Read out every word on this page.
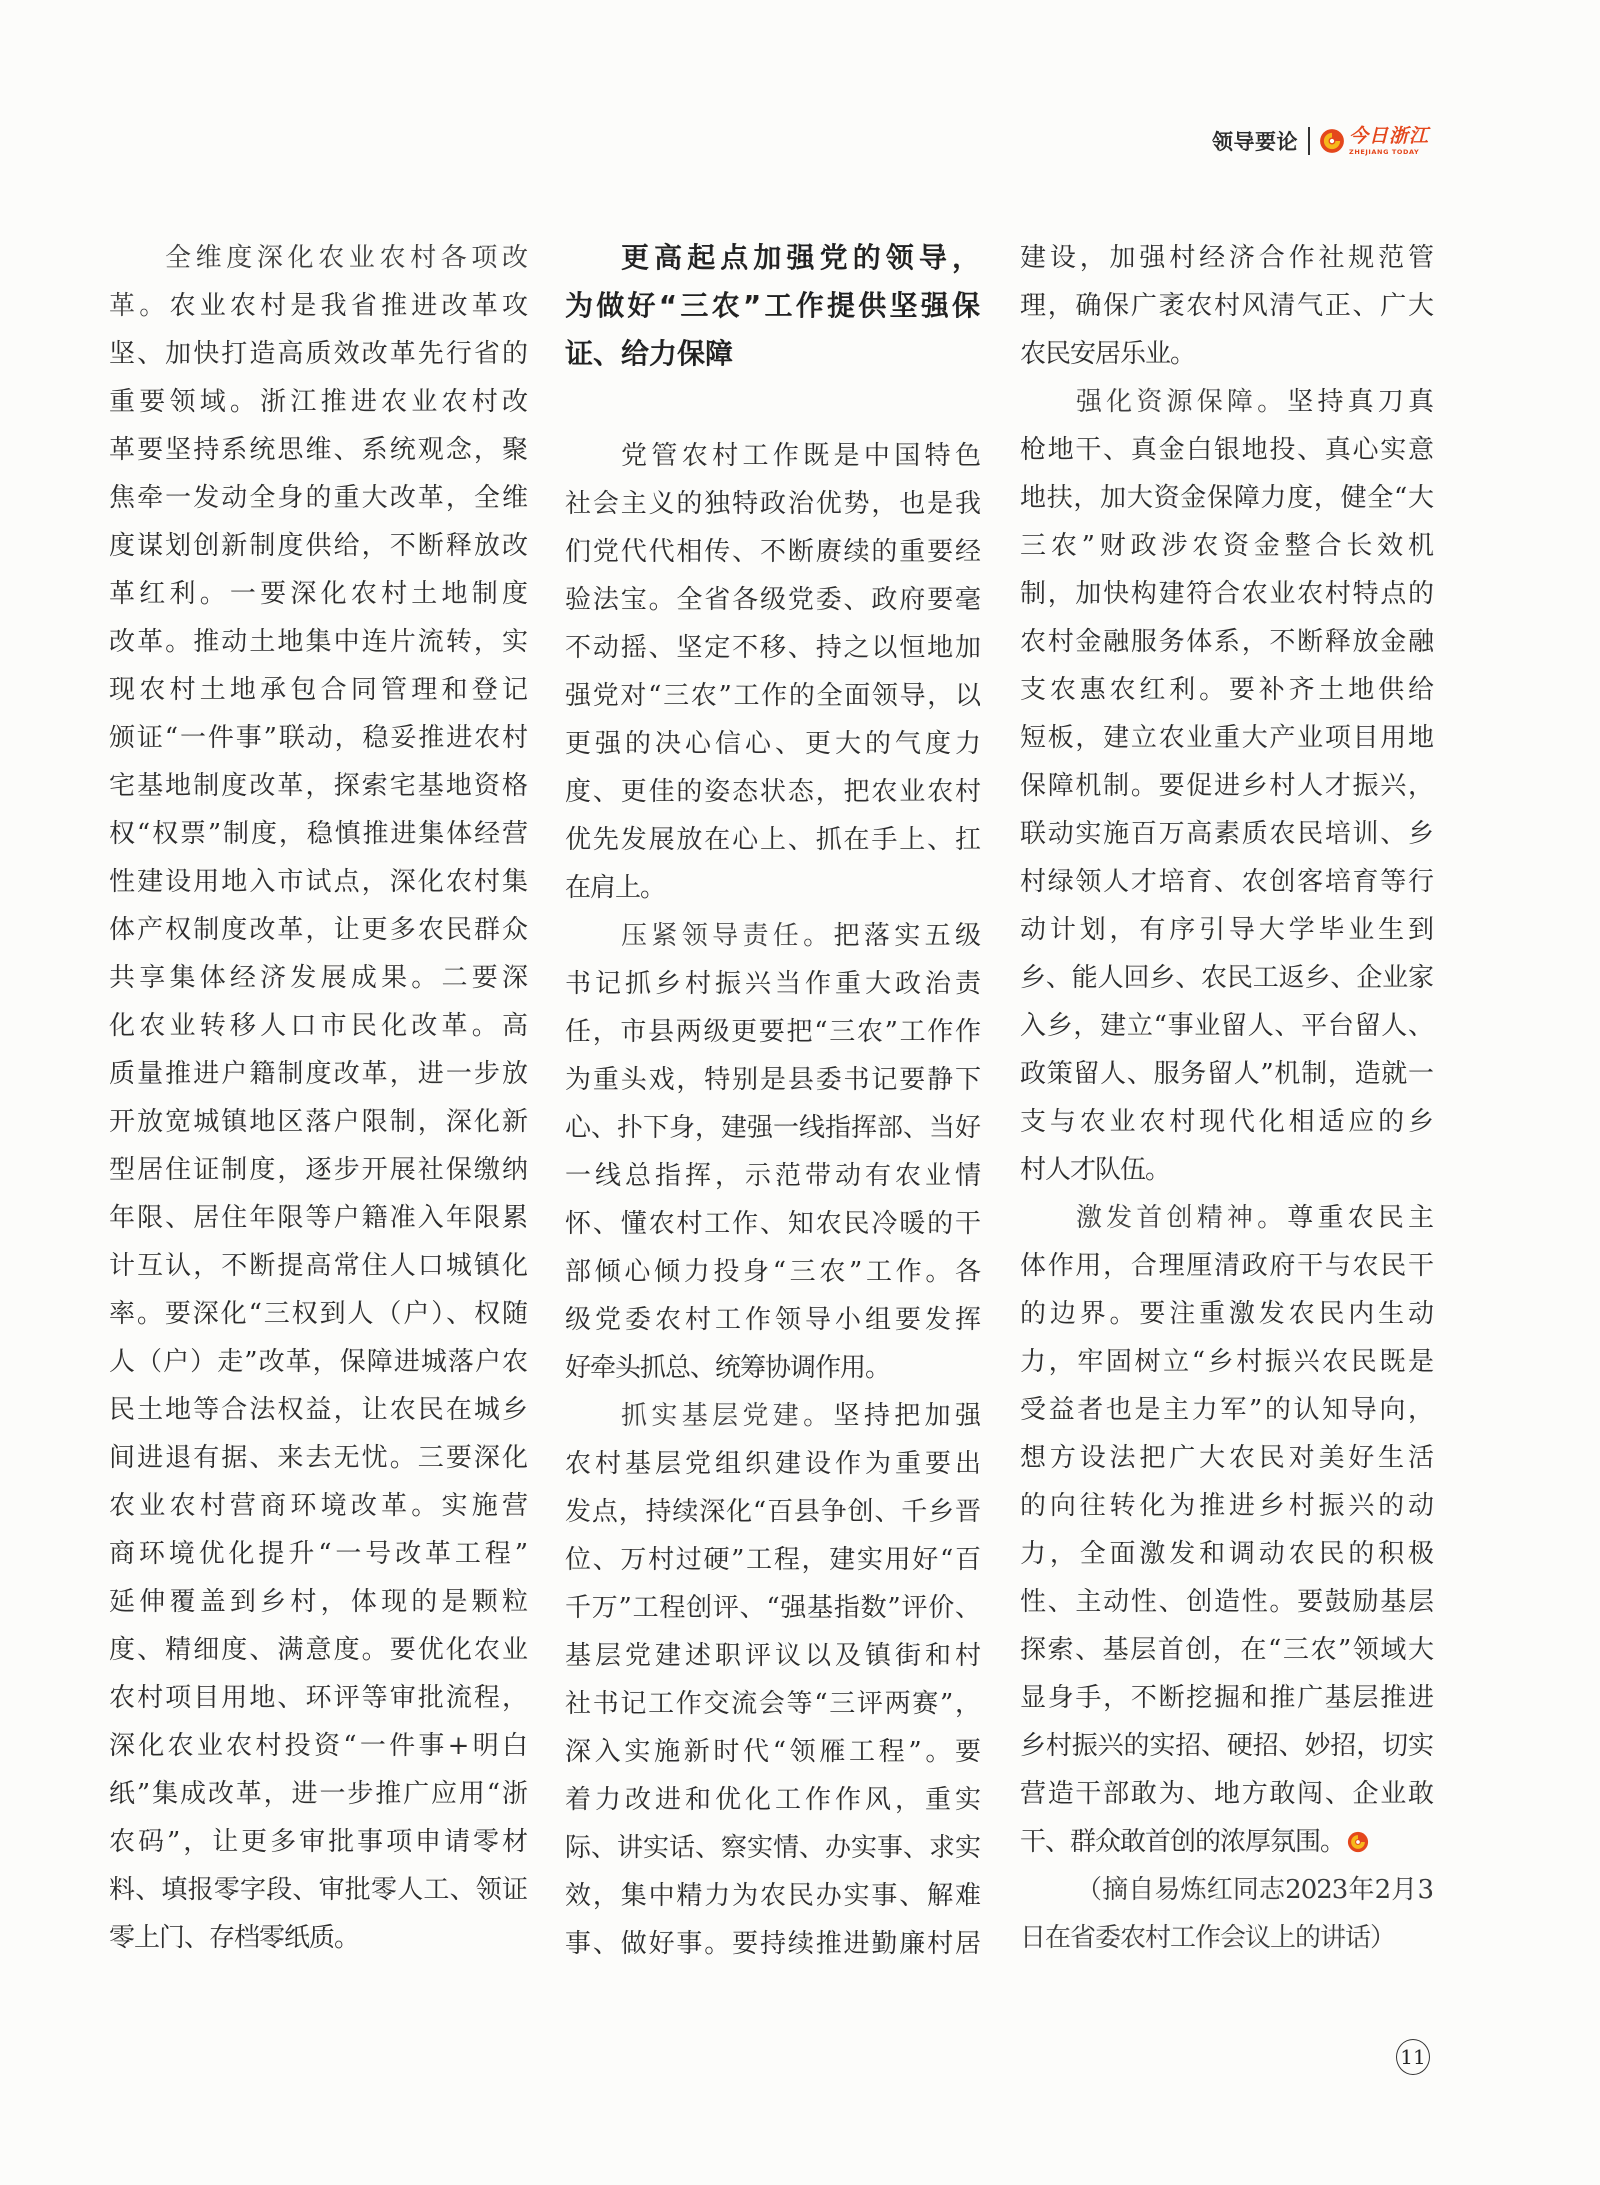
领导要论	今日浙江
ZHEJIANG TODAY
全维度深化农业农村各项改
革。农业农村是我省推进改革攻
坚、加快打造高质效改革先行省的
重要领域。浙江推进农业农村改
革要坚持系统思维、系统观念，聚
焦牵一发动全身的重大改革，全维
度谋划创新制度供给，不断释放改
革红利。一要深化农村土地制度
改革。推动土地集中连片流转，实
现农村土地承包合同管理和登记
颁证“一件事”联动，稳妥推进农村
宅基地制度改革，探索宅基地资格
权“权票”制度，稳慎推进集体经营
性建设用地入市试点，深化农村集
体产权制度改革，让更多农民群众
共享集体经济发展成果。二要深
化农业转移人口市民化改革。高
质量推进户籍制度改革，进一步放
开放宽城镇地区落户限制，深化新
型居住证制度，逐步开展社保缴纳
年限、居住年限等户籍准入年限累
计互认，不断提高常住人口城镇化
率。要深化“三权到人（户）、权随
人（户）走”改革，保障进城落户农
民土地等合法权益，让农民在城乡
间进退有据、来去无忧。三要深化
农业农村营商环境改革。实施营
商环境优化提升“一号改革工程”
延伸覆盖到乡村，体现的是颗粒
度、精细度、满意度。要优化农业
农村项目用地、环评等审批流程，
深化农业农村投资“一件事+明白
纸”集成改革，进一步推广应用“浙
农码”，让更多审批事项申请零材
料、填报零字段、审批零人工、领证
零上门、存档零纸质。
更高起点加强党的领导，
为做好“三农”工作提供坚强保
证、给力保障
党管农村工作既是中国特色
社会主义的独特政治优势，也是我
们党代代相传、不断赓续的重要经
验法宝。全省各级党委、政府要毫
不动摇、坚定不移、持之以恒地加
强党对“三农”工作的全面领导，以
更强的决心信心、更大的气度力
度、更佳的姿态状态，把农业农村
优先发展放在心上、抓在手上、扛
在肩上。
压紧领导责任。把落实五级
书记抓乡村振兴当作重大政治责
任，市县两级更要把“三农”工作作
为重头戏，特别是县委书记要静下
心、扑下身，建强一线指挥部、当好
一线总指挥，示范带动有农业情
怀、懂农村工作、知农民冷暖的干
部倾心倾力投身“三农”工作。各
级党委农村工作领导小组要发挥
好牵头抓总、统筹协调作用。
抓实基层党建。坚持把加强
农村基层党组织建设作为重要出
发点，持续深化“百县争创、千乡晋
位、万村过硬”工程，建实用好“百
千万”工程创评、“强基指数”评价、
基层党建述职评议以及镇街和村
社书记工作交流会等“三评两赛”，
深入实施新时代“领雁工程”。要
着力改进和优化工作作风，重实
际、讲实话、察实情、办实事、求实
效，集中精力为农民办实事、解难
事、做好事。要持续推进勤廉村居
建设，加强村经济合作社规范管
理，确保广袤农村风清气正、广大
农民安居乐业。
强化资源保障。坚持真刀真
枪地干、真金白银地投、真心实意
地扶，加大资金保障力度，健全“大
三农”财政涉农资金整合长效机
制，加快构建符合农业农村特点的
农村金融服务体系，不断释放金融
支农惠农红利。要补齐土地供给
短板，建立农业重大产业项目用地
保障机制。要促进乡村人才振兴，
联动实施百万高素质农民培训、乡
村绿领人才培育、农创客培育等行
动计划，有序引导大学毕业生到
乡、能人回乡、农民工返乡、企业家
入乡，建立“事业留人、平台留人、
政策留人、服务留人”机制，造就一
支与农业农村现代化相适应的乡
村人才队伍。
激发首创精神。尊重农民主
体作用，合理厘清政府干与农民干
的边界。要注重激发农民内生动
力，牢固树立“乡村振兴农民既是
受益者也是主力军”的认知导向，
想方设法把广大农民对美好生活
的向往转化为推进乡村振兴的动
力，全面激发和调动农民的积极
性、主动性、创造性。要鼓励基层
探索、基层首创，在“三农”领域大
显身手，不断挖掘和推广基层推进
乡村振兴的实招、硬招、妙招，切实
营造干部敢为、地方敢闯、企业敢
干、群众敢首创的浓厚氛围。
（摘自易炼红同志2023年2月3
日在省委农村工作会议上的讲话）
11
